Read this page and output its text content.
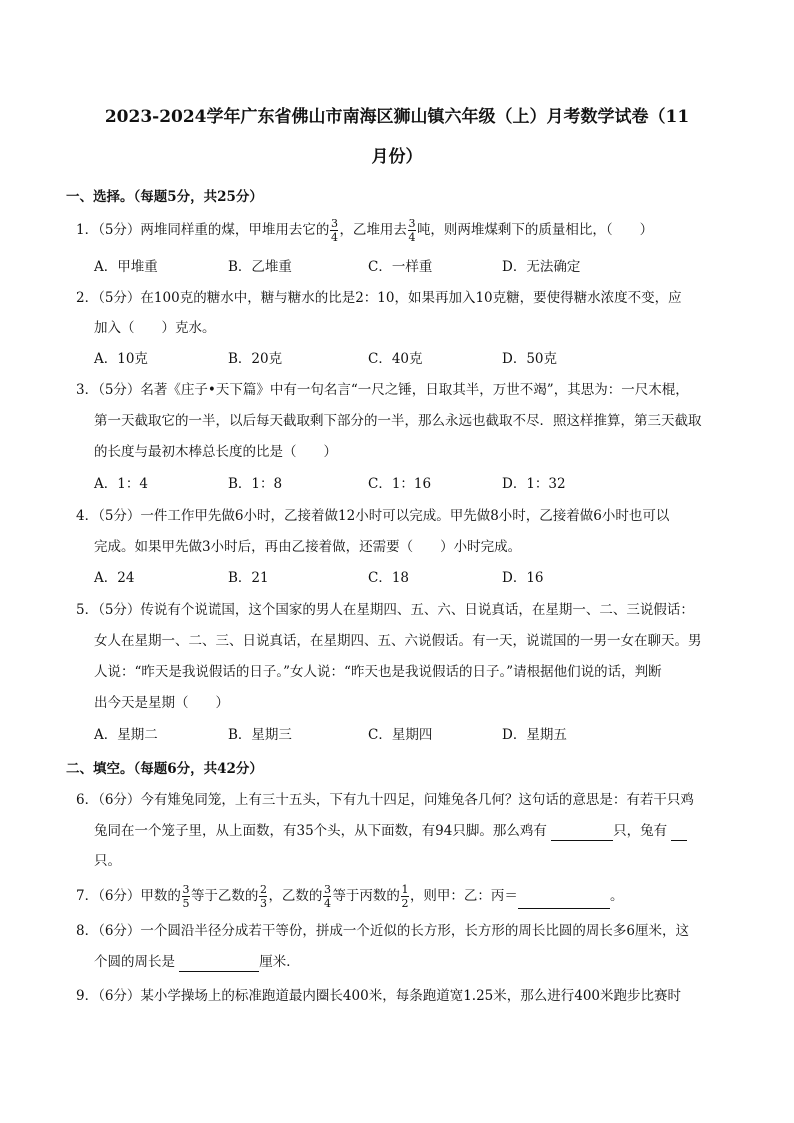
2023-2024学年广东省佛山市南海区狮山镇六年级（上）月考数学试卷（11
月份）
一、选择。（每题5分，共25分）
1．（5分）两堆同样重的煤，甲堆用去它的 $\frac{3}{4}$ ，乙堆用去 $\frac{3}{4}$ 吨，则两堆煤剩下的质量相比，（　　）
A．甲堆重	B．乙堆重	C．一样重	D．无法确定
2．（5分）在100克的糖水中，糖与糖水的比是2：10，如果再加入10克糖，要使得糖水浓度不变，应
加入（　　）克水。
A．10克	B．20克	C．40克	D．50克
3．（5分）名著《庄子•天下篇》中有一句名言“一尺之锤，日取其半，万世不竭”，其思为：一尺木棍，
第一天截取它的一半，以后每天截取剩下部分的一半，那么永远也截取不尽．照这样推算，第三天截取
的长度与最初木棒总长度的比是（　　）
A．1：4	B．1：8	C．1：16	D．1：32
4．（5分）一件工作甲先做6小时，乙接着做12小时可以完成。甲先做8小时，乙接着做6小时也可以
完成。如果甲先做3小时后，再由乙接着做，还需要（　　）小时完成。
A．24	B．21	C．18	D．16
5．（5分）传说有个说谎国，这个国家的男人在星期四、五、六、日说真话，在星期一、二、三说假话：
女人在星期一、二、三、日说真话，在星期四、五、六说假话。有一天，说谎国的一男一女在聊天。男
人说：“昨天是我说假话的日子。”女人说：“昨天也是我说假话的日子。”请根据他们说的话，判断
出今天是星期（　　）
A．星期二	B．星期三	C．星期四	D．星期五
二、填空。（每题6分，共42分）
6．（6分）今有雉兔同笼，上有三十五头，下有九十四足，问雉兔各几何？这句话的意思是：有若干只鸡
兔同在一个笼子里，从上面数，有35个头，从下面数，有94只脚。那么鸡有	只，兔有
只。
7．（6分）甲数的 $\frac{3}{5}$ 等于乙数的 $\frac{2}{3}$ ，乙数的 $\frac{3}{4}$ 等于丙数的 $\frac{1}{2}$ ，则甲：乙：丙＝	。
8．（6分）一个圆沿半径分成若干等份，拼成一个近似的长方形，长方形的周长比圆的周长多6厘米，这
个圆的周长是	厘米．
9．（6分）某小学操场上的标准跑道最内圈长400米，每条跑道宽1.25米，那么进行400米跑步比赛时
